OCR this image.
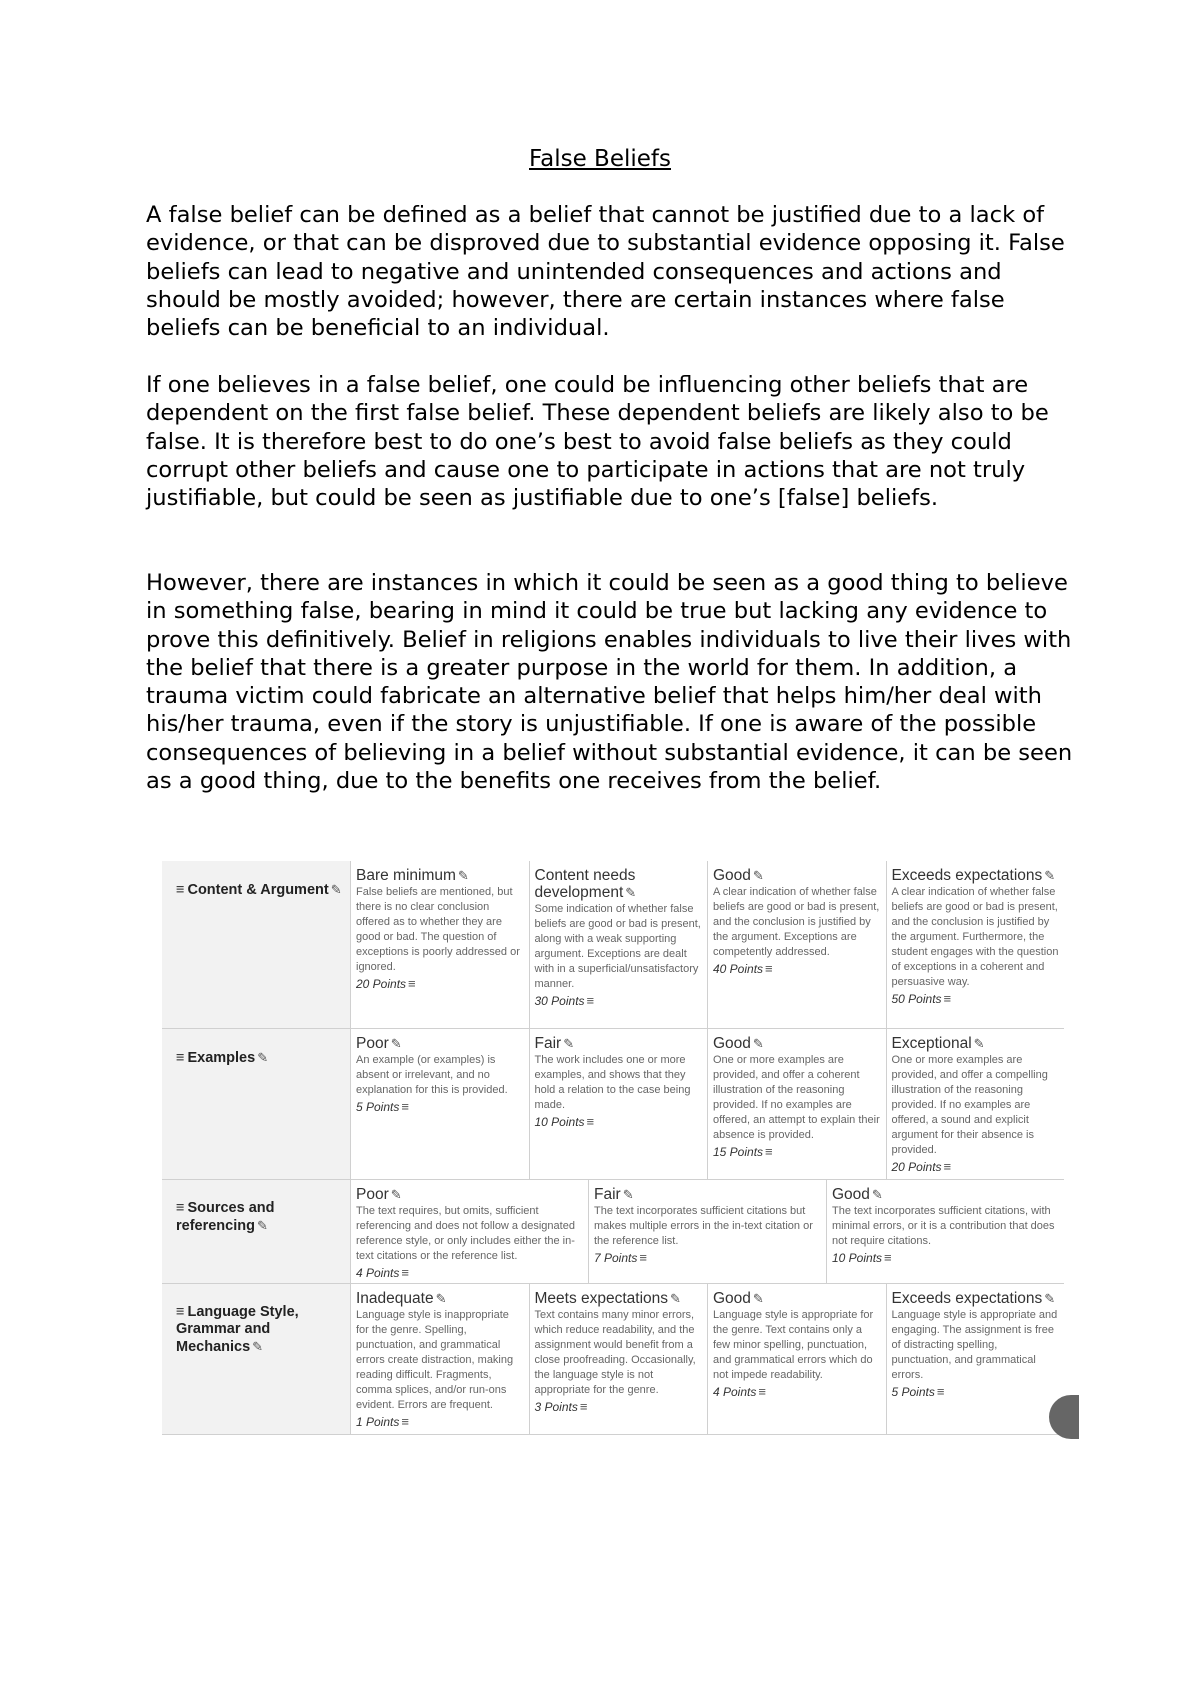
False Beliefs

A false belief can be defined as a belief that cannot be justified due to a lack of evidence, or that can be disproved due to substantial evidence opposing it. False beliefs can lead to negative and unintended consequences and actions and should be mostly avoided; however, there are certain instances where false beliefs can be beneficial to an individual.

If one believes in a false belief, one could be influencing other beliefs that are dependent on the first false belief. These dependent beliefs are likely also to be false. It is therefore best to do one’s best to avoid false beliefs as they could corrupt other beliefs and cause one to participate in actions that are not truly justifiable, but could be seen as justifiable due to one’s [false] beliefs.

However, there are instances in which it could be seen as a good thing to believe in something false, bearing in mind it could be true but lacking any evidence to prove this definitively. Belief in religions enables individuals to live their lives with the belief that there is a greater purpose in the world for them. In addition, a trauma victim could fabricate an alternative belief that helps him/her deal with his/her trauma, even if the story is unjustifiable. If one is aware of the possible consequences of believing in a belief without substantial evidence, it can be seen as a good thing, due to the benefits one receives from the belief.

≡ Content & Argument ✎
Bare minimum ✎
False beliefs are mentioned, but there is no clear conclusion offered as to whether they are good or bad. The question of exceptions is poorly addressed or ignored.
20 Points≡
Content needs development ✎
Some indication of whether false beliefs are good or bad is present, along with a weak supporting argument. Exceptions are dealt with in a superficial/unsatisfactory manner.
30 Points≡
Good ✎
A clear indication of whether false beliefs are good or bad is present, and the conclusion is justified by the argument. Exceptions are competently addressed.
40 Points≡
Exceeds expectations ✎
A clear indication of whether false beliefs are good or bad is present, and the conclusion is justified by the argument. Furthermore, the student engages with the question of exceptions in a coherent and persuasive way.
50 Points≡
≡ Examples ✎
Poor ✎
An example (or examples) is absent or irrelevant, and no explanation for this is provided.
5 Points≡
Fair ✎
The work includes one or more examples, and shows that they hold a relation to the case being made.
10 Points≡
Good ✎
One or more examples are provided, and offer a coherent illustration of the reasoning provided. If no examples are offered, an attempt to explain their absence is provided.
15 Points≡
Exceptional ✎
One or more examples are provided, and offer a compelling illustration of the reasoning provided. If no examples are offered, a sound and explicit argument for their absence is provided.
20 Points≡
≡ Sources and referencing ✎
Poor ✎
The text requires, but omits, sufficient referencing and does not follow a designated reference style, or only includes either the in-text citations or the reference list.
4 Points≡
Fair ✎
The text incorporates sufficient citations but makes multiple errors in the in-text citation or the reference list.
7 Points≡
Good ✎
The text incorporates sufficient citations, with minimal errors, or it is a contribution that does not require citations.
10 Points≡
≡ Language Style, Grammar and Mechanics ✎
Inadequate ✎
Language style is inappropriate for the genre. Spelling, punctuation, and grammatical errors create distraction, making reading difficult. Fragments, comma splices, and/or run-ons evident. Errors are frequent.
1 Points≡
Meets expectations ✎
Text contains many minor errors, which reduce readability, and the assignment would benefit from a close proofreading. Occasionally, the language style is not appropriate for the genre.
3 Points≡
Good ✎
Language style is appropriate for the genre. Text contains only a few minor spelling, punctuation, and grammatical errors which do not impede readability.
4 Points≡
Exceeds expectations ✎
Language style is appropriate and engaging. The assignment is free of distracting spelling, punctuation, and grammatical errors.
5 Points≡
